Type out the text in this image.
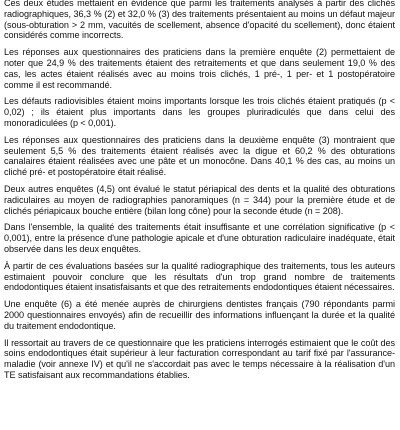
Ces deux études mettaient en évidence que parmi les traitements analysés à partir des clichés radiographiques, 36,3 % (2) et 32,0 % (3) des traitements présentaient au moins un défaut majeur (sous-obturation > 2 mm, vacuités de scellement, absence d'opacité du scellement), donc étaient considérés comme incorrects.

Les réponses aux questionnaires des praticiens dans la première enquête (2) permettaient de noter que 24,9 % des traitements étaient des retraitements et que dans seulement 19,0 % des cas, les actes étaient réalisés avec au moins trois clichés, 1 pré-, 1 per- et 1 postopératoire comme il est recommandé.

Les défauts radiovisibles étaient moins importants lorsque les trois clichés étaient pratiqués (p < 0,02) ; ils étaient plus importants dans les groupes pluriradiculés que dans celui des monoradiculées (p < 0,001).

Les réponses aux questionnaires des praticiens dans la deuxième enquête (3) montraient que seulement 5,5 % des traitements étaient réalisés avec la digue et 60,2 % des obturations canalaires étaient réalisées avec une pâte et un monocône. Dans 40,1 % des cas, au moins un cliché pré- et postopératoire était réalisé.

Deux autres enquêtes (4,5) ont évalué le statut périapical des dents et la qualité des obturations radiculaires au moyen de radiographies panoramiques (n = 344) pour la première étude et de clichés périapicaux bouche entière (bilan long cône) pour la seconde étude (n = 208).

Dans l'ensemble, la qualité des traitements était insuffisante et une corrélation significative (p < 0,001), entre la présence d'une pathologie apicale et d'une obturation radiculaire inadéquate, était observée dans les deux enquêtes.

À partir de ces évaluations basées sur la qualité radiographique des traitements, tous les auteurs estimaient pouvoir conclure que les résultats d'un trop grand nombre de traitements endodontiques étaient insatisfaisants et que des retraitements endodontiques étaient nécessaires.

Une enquête (6) a été menée auprès de chirurgiens dentistes français (790 répondants parmi 2000 questionnaires envoyés) afin de recueillir des informations influençant la durée et la qualité du traitement endodontique.

Il ressortait au travers de ce questionnaire que les praticiens interrogés estimaient que le coût des soins endodontiques était supérieur à leur facturation correspondant au tarif fixé par l'assurance-maladie (voir annexe IV) et qu'il ne s'accordait pas avec le temps nécessaire à la réalisation d'un TE satisfaisant aux recommandations établies.
